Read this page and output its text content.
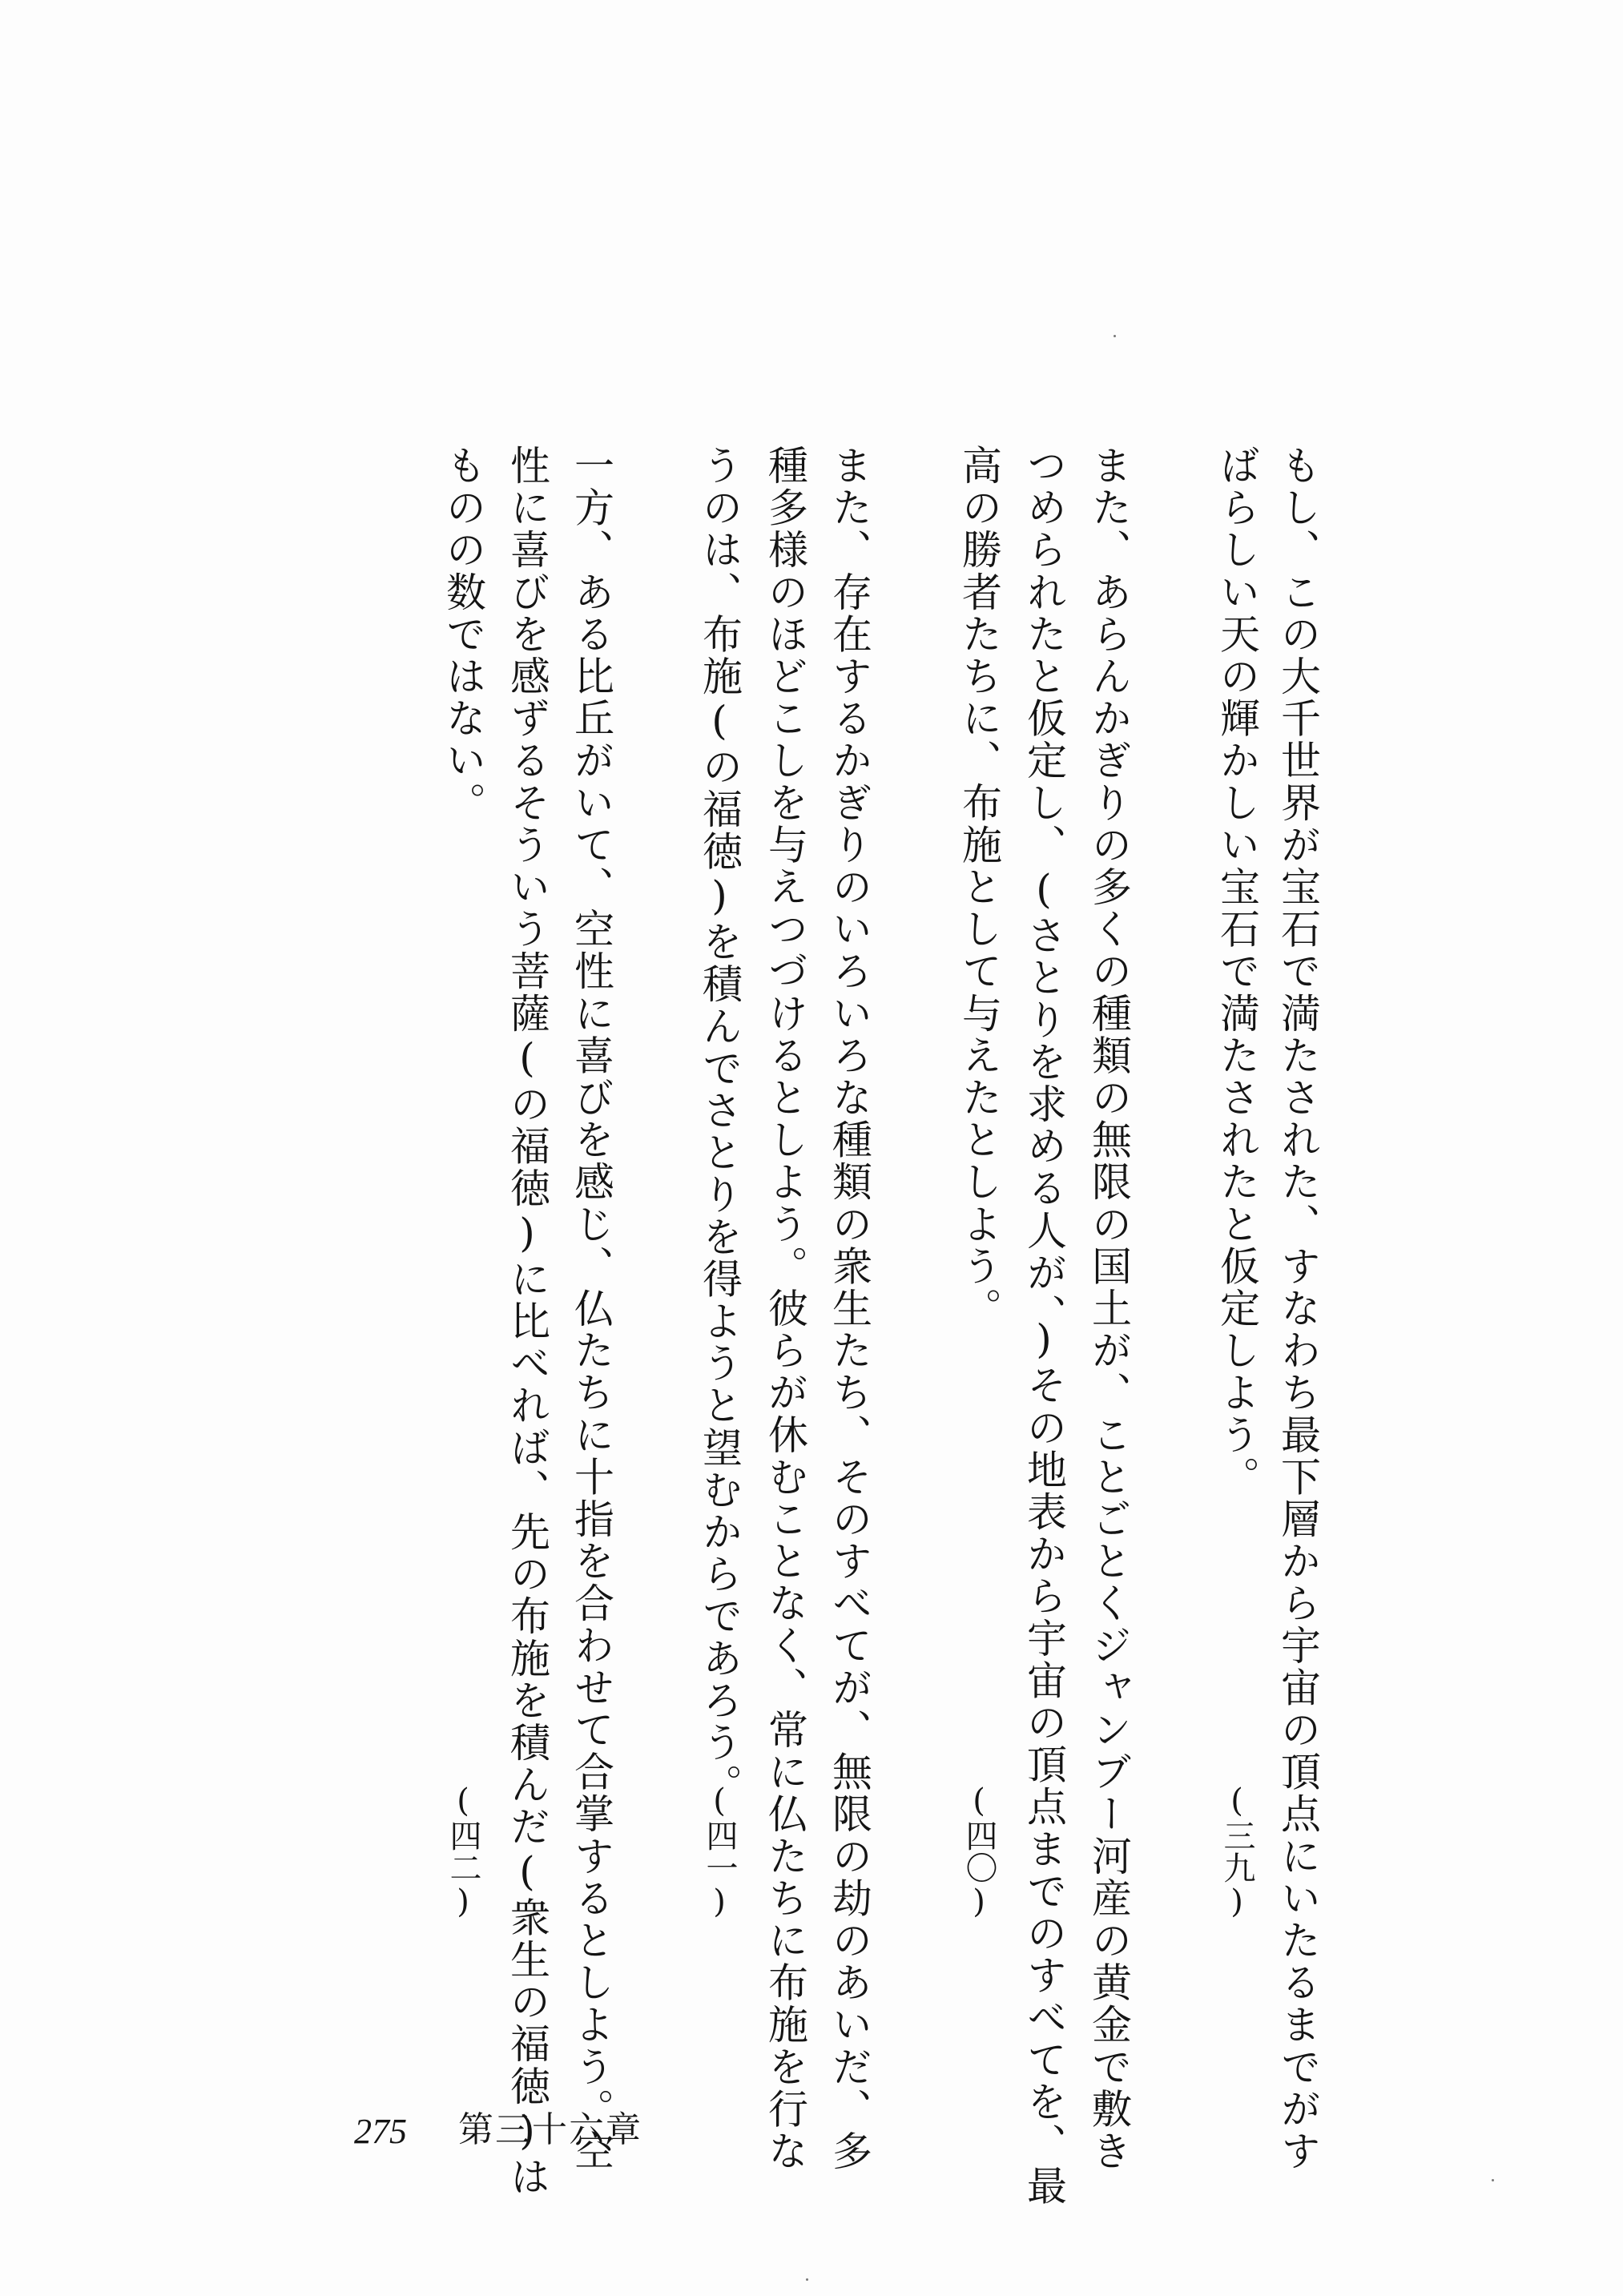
もし、この大千世界が宝石で満たされた、すなわち最下層から宇宙の頂点にいたるまでがす
ばらしい天の輝かしい宝石で満たされたと仮定しよう。
(三九)
また、あらんかぎりの多くの種類の無限の国土が、ことごとくジャンブー河産の黄金で敷き
つめられたと仮定し、(さとりを求める人が、)その地表から宇宙の頂点までのすべてを、最
高の勝者たちに、布施として与えたとしよう。
(四〇)
また、存在するかぎりのいろいろな種類の衆生たち、そのすべてが、無限の劫のあいだ、多
種多様のほどこしを与えつづけるとしよう。彼らが休むことなく、常に仏たちに布施を行な
うのは、布施(の福徳)を積んでさとりを得ようと望むからであろう。
(四一)
一方、ある比丘がいて、空性に喜びを感じ、仏たちに十指を合わせて合掌するとしよう。空
性に喜びを感ずるそういう菩薩(の福徳)に比べれば、先の布施を積んだ(衆生の福徳)は
ものの数ではない。
(四二)
275 第三十六章
